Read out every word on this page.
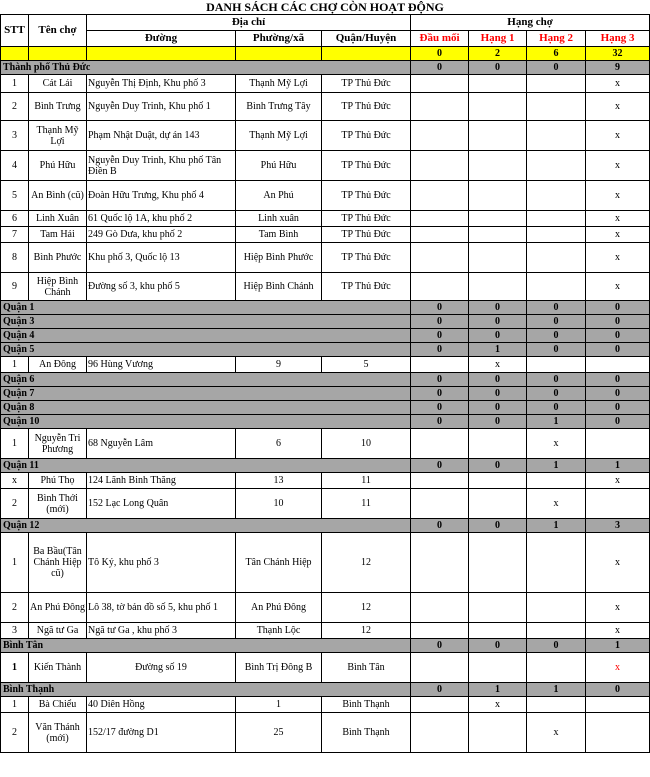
DANH SÁCH CÁC CHỢ CÒN HOẠT ĐỘNG
STT	Tên chợ	Địa chỉ			Hạng chợ			
		Đường	Phường/xã	Quận/Huyện	Đầu mối	Hạng 1	Hạng 2	Hạng 3
					0	2	6	32
Thành phố Thủ Đức					0	0	0	9
1	Cát Lái	Nguyễn Thị Định, Khu phố 3	Thạnh Mỹ Lợi	TP Thủ Đức				x
2	Bình Trưng	Nguyễn Duy Trinh, Khu phố 1	Bình Trưng Tây	TP Thủ Đức				x
3	Thạnh Mỹ Lợi	Phạm Nhật Duật, dự án 143	Thạnh Mỹ Lợi	TP Thủ Đức				x
4	Phú Hữu	Nguyễn Duy Trinh, Khu phố Tân Điền B	Phú Hữu	TP Thủ Đức				x
5	An Bình (cũ)	Đoàn Hữu Trưng, Khu phố 4	An Phú	TP Thủ Đức				x
6	Linh Xuân	61 Quốc lộ 1A, khu phố 2	Linh xuân	TP Thủ Đức				x
7	Tam Hải	249 Gò Dưa, khu phố 2	Tam Bình	TP Thủ Đức				x
8	Bình Phước	Khu phố 3, Quốc lộ 13	Hiệp Bình Phước	TP Thủ Đức				x
9	Hiệp Bình Chánh	Đường số 3, khu phố 5	Hiệp Bình Chánh	TP Thủ Đức				x
Quận 1					0	0	0	0
Quận 3					0	0	0	0
Quận 4					0	0	0	0
Quận 5					0	1	0	0
1	An Đông	96 Hùng Vương	9	5		x		
Quận 6					0	0	0	0
Quận 7					0	0	0	0
Quận 8					0	0	0	0
Quận 10					0	0	1	0
1	Nguyễn Tri Phương	68 Nguyễn Lâm	6	10			x	
Quận 11					0	0	1	1
x	Phú Thọ	124 Lãnh Binh Thăng	13	11				x
2	Bình Thới (mới)	152 Lạc Long Quân	10	11			x	
Quận 12					0	0	1	3
1	Ba Bầu(Tân Chánh Hiệp cũ)	Tô Ký, khu phố 3	Tân Chánh Hiệp	12				x
2	An Phú Đông	Lô 38, tờ bản đồ số 5, khu phố 1	An Phú Đông	12				x
3	Ngã tư Ga	Ngã tư Ga , khu phố 3	Thạnh Lộc	12				x
Bình Tân					0	0	0	1
1	Kiến Thành	Đường số 19	Bình Trị Đông B	Bình Tân				x
Bình Thạnh					0	1	1	0
1	Bà Chiểu	40 Diên Hồng	1	Bình Thạnh		x		
2	Văn Thánh (mới)	152/17 đường D1	25	Bình Thạnh			x	
